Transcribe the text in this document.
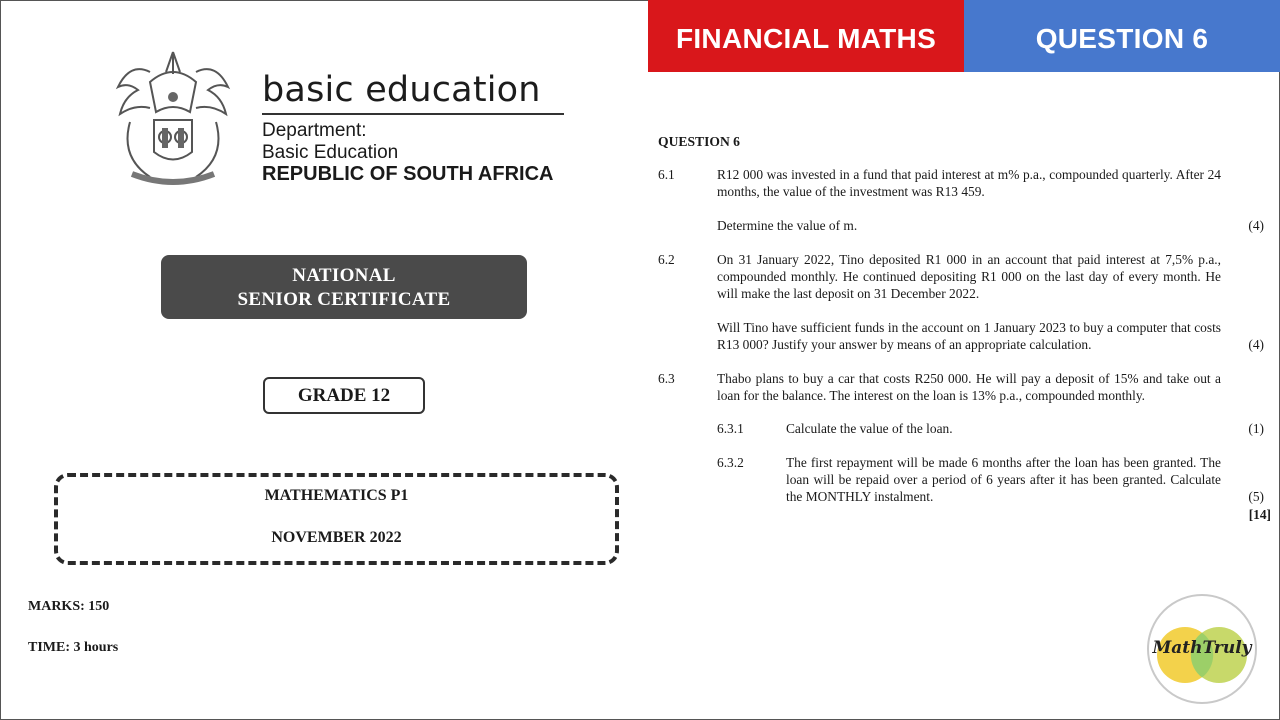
basic education
Department:
Basic Education
REPUBLIC OF SOUTH AFRICA
NATIONAL
SENIOR CERTIFICATE
GRADE 12
MATHEMATICS P1
NOVEMBER 2022
MARKS: 150
TIME: 3 hours
FINANCIAL MATHS	QUESTION 6
QUESTION 6
6.1	R12 000 was invested in a fund that paid interest at m% p.a., compounded quarterly. After 24 months, the value of the investment was R13 459.
Determine the value of m.	(4)
6.2	On 31 January 2022, Tino deposited R1 000 in an account that paid interest at 7,5% p.a., compounded monthly. He continued depositing R1 000 on the last day of every month. He will make the last deposit on 31 December 2022.
Will Tino have sufficient funds in the account on 1 January 2023 to buy a computer that costs R13 000? Justify your answer by means of an appropriate calculation.	(4)
6.3	Thabo plans to buy a car that costs R250 000. He will pay a deposit of 15% and take out a loan for the balance. The interest on the loan is 13% p.a., compounded monthly.
6.3.1	Calculate the value of the loan.	(1)
6.3.2	The first repayment will be made 6 months after the loan has been granted. The loan will be repaid over a period of 6 years after it has been granted. Calculate the MONTHLY instalment.	(5)
[14]
MathTruly
